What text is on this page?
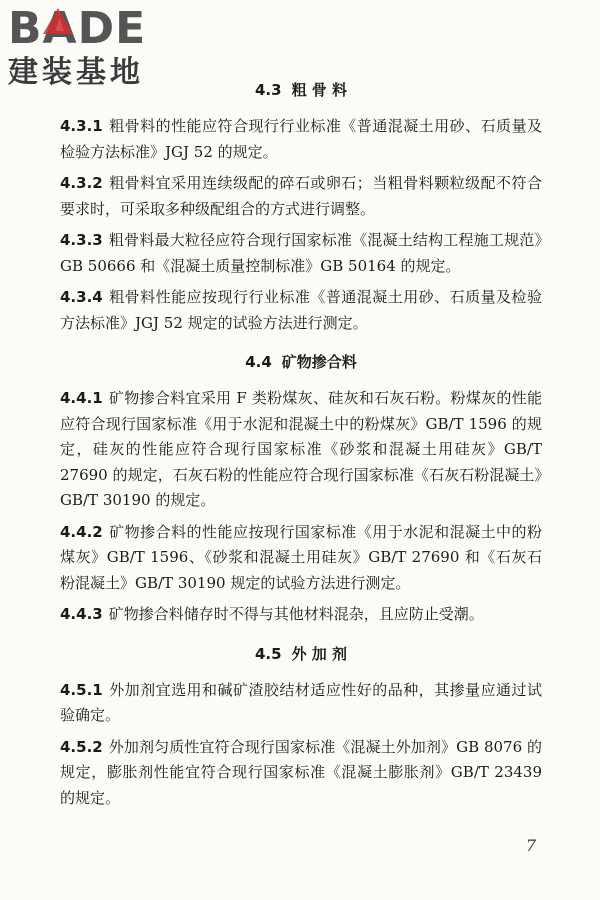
BADE
建装基地	4.3 粗 骨 料

4.3.1 粗骨料的性能应符合现行行业标准《普通混凝土用砂、石质量及检验方法标准》JGJ 52 的规定。

4.3.2 粗骨料宜采用连续级配的碎石或卵石；当粗骨料颗粒级配不符合要求时，可采取多种级配组合的方式进行调整。

4.3.3 粗骨料最大粒径应符合现行国家标准《混凝土结构工程施工规范》GB 50666 和《混凝土质量控制标准》GB 50164 的规定。

4.3.4 粗骨料性能应按现行行业标准《普通混凝土用砂、石质量及检验方法标准》JGJ 52 规定的试验方法进行测定。

4.4 矿物掺合料

4.4.1 矿物掺合料宜采用 F 类粉煤灰、硅灰和石灰石粉。粉煤灰的性能应符合现行国家标准《用于水泥和混凝土中的粉煤灰》GB/T 1596 的规定，硅灰的性能应符合现行国家标准《砂浆和混凝土用硅灰》GB/T 27690 的规定，石灰石粉的性能应符合现行国家标准《石灰石粉混凝土》GB/T 30190 的规定。

4.4.2 矿物掺合料的性能应按现行国家标准《用于水泥和混凝土中的粉煤灰》GB/T 1596、《砂浆和混凝土用硅灰》GB/T 27690 和《石灰石粉混凝土》GB/T 30190 规定的试验方法进行测定。

4.4.3 矿物掺合料储存时不得与其他材料混杂，且应防止受潮。

4.5 外 加 剂

4.5.1 外加剂宜选用和碱矿渣胶结材适应性好的品种，其掺量应通过试验确定。

4.5.2 外加剂匀质性宜符合现行国家标准《混凝土外加剂》GB 8076 的规定，膨胀剂性能宜符合现行国家标准《混凝土膨胀剂》GB/T 23439 的规定。

7
